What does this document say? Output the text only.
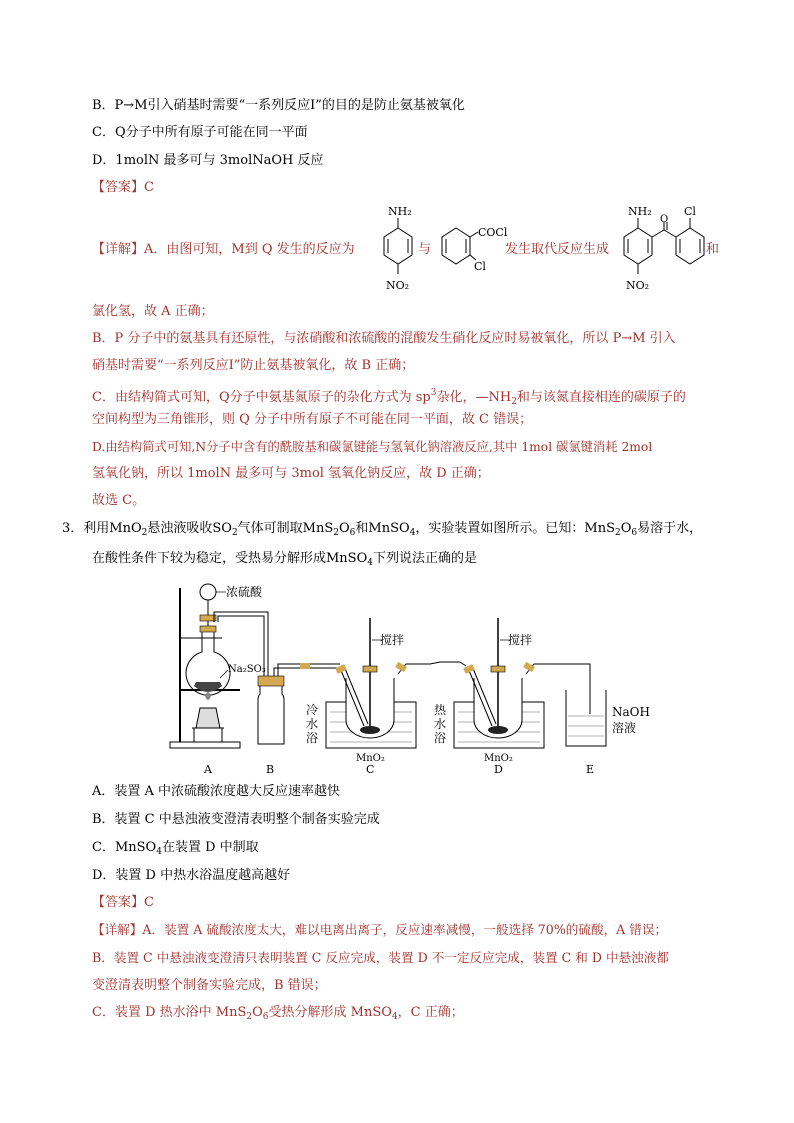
B．P→M引入硝基时需要“一系列反应Ⅰ”的目的是防止氨基被氧化
C．Q分子中所有原子可能在同一平面
D．1molN 最多可与 3molNaOH 反应
【答案】C
【详解】A．由图可知，M到 Q 发生的反应为
NH₂
NO₂
与
COCl
Cl
发生取代反应生成
NH₂
O
Cl
NO₂
和
氯化氢，故 A 正确；
B．P 分子中的氨基具有还原性，与浓硝酸和浓硫酸的混酸发生硝化反应时易被氧化，所以 P→M 引入
硝基时需要“一系列反应Ⅰ”防止氨基被氧化，故 B 正确；
C．由结构简式可知，Q分子中氨基氮原子的杂化方式为 $sp^3$杂化，$—NH_2$和与该氮直接相连的碳原子的
空间构型为三角锥形，则 Q 分子中所有原子不可能在同一平面，故 C 错误；
D.由结构简式可知,N分子中含有的酰胺基和碳氯键能与氢氧化钠溶液反应,其中 1mol 碳氯键消耗 2mol
氢氧化钠，所以 1molN 最多可与 3mol 氢氧化钠反应，故 D 正确；
故选 C。
3．利用MnO$_2$悬浊液吸收$SO_2$气体可制取$MnS_2O_6$和MnSO$_4$，实验装置如图所示。已知：$MnS_2O_6$易溶于水，
在酸性条件下较为稳定，受热易分解形成MnSO$_4$下列说法正确的是
浓硫酸
Na₂SO₃
搅拌
冷
水
浴
MnO₂
搅拌
热
水
浴
MnO₂
NaOH
溶液
A	B	C	D	E
A．装置 A 中浓硫酸浓度越大反应速率越快
B．装置 C 中悬浊液变澄清表明整个制备实验完成
C．MnSO$_4$在装置 D 中制取
D．装置 D 中热水浴温度越高越好
【答案】C
【详解】A．装置 A 硫酸浓度太大，难以电离出离子，反应速率减慢，一般选择 70%的硫酸，A 错误；
B．装置 C 中悬浊液变澄清只表明装置 C 反应完成，装置 D 不一定反应完成，装置 C 和 D 中悬浊液都
变澄清表明整个制备实验完成，B 错误；
C．装置 D 热水浴中 $MnS_2O_6$受热分解形成 MnSO$_4$，C 正确；
